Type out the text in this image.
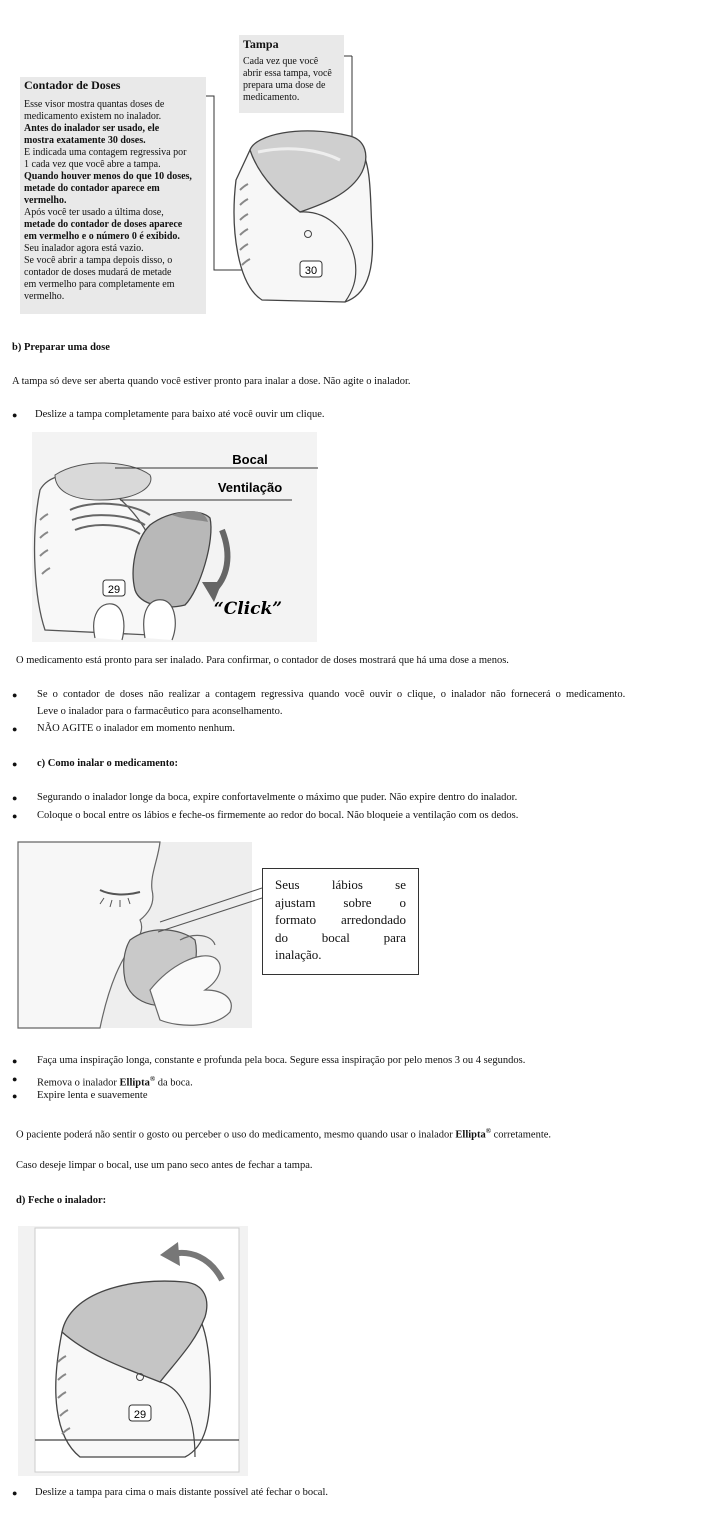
Tampa
Cada vez que você
abrir essa tampa, você
prepara uma dose de
medicamento.
Contador de Doses
Esse visor mostra quantas doses de
medicamento existem no inalador.
Antes do inalador ser usado, ele
mostra exatamente 30 doses.
E indicada uma contagem regressiva por
1 cada vez que você abre a tampa.
Quando houver menos do que 10 doses,
metade do contador aparece em
vermelho.
Após você ter usado a última dose,
metade do contador de doses aparece
em vermelho e o número 0 é exibido.
Seu inalador agora está vazio.
Se você abrir a tampa depois disso, o
contador de doses mudará de metade
em vermelho para completamente em
vermelho.
30
b) Preparar uma dose
A tampa só deve ser aberta quando você estiver pronto para inalar a dose. Não agite o inalador.
● Deslize a tampa completamente para baixo até você ouvir um clique.
29
Bocal
Ventilação
“Click”
O medicamento está pronto para ser inalado. Para confirmar, o contador de doses mostrará que há uma dose a menos.
● Se o contador de doses não realizar a contagem regressiva quando você ouvir o clique, o inalador não fornecerá o medicamento.
Leve o inalador para o farmacêutico para aconselhamento.
● NÃO AGITE o inalador em momento nenhum.
● c) Como inalar o medicamento:
● Segurando o inalador longe da boca, expire confortavelmente o máximo que puder. Não expire dentro do inalador.
● Coloque o bocal entre os lábios e feche-os firmemente ao redor do bocal. Não bloqueie a ventilação com os dedos.
Seus lábios se
ajustam sobre o
formato arredondado
do bocal para
inalação.
● Faça uma inspiração longa, constante e profunda pela boca. Segure essa inspiração por pelo menos 3 ou 4 segundos.
● Remova o inalador Ellipta® da boca.
● Expire lenta e suavemente
O paciente poderá não sentir o gosto ou perceber o uso do medicamento, mesmo quando usar o inalador Ellipta® corretamente.
Caso deseje limpar o bocal, use um pano seco antes de fechar a tampa.
d) Feche o inalador:
29
● Deslize a tampa para cima o mais distante possível até fechar o bocal.
